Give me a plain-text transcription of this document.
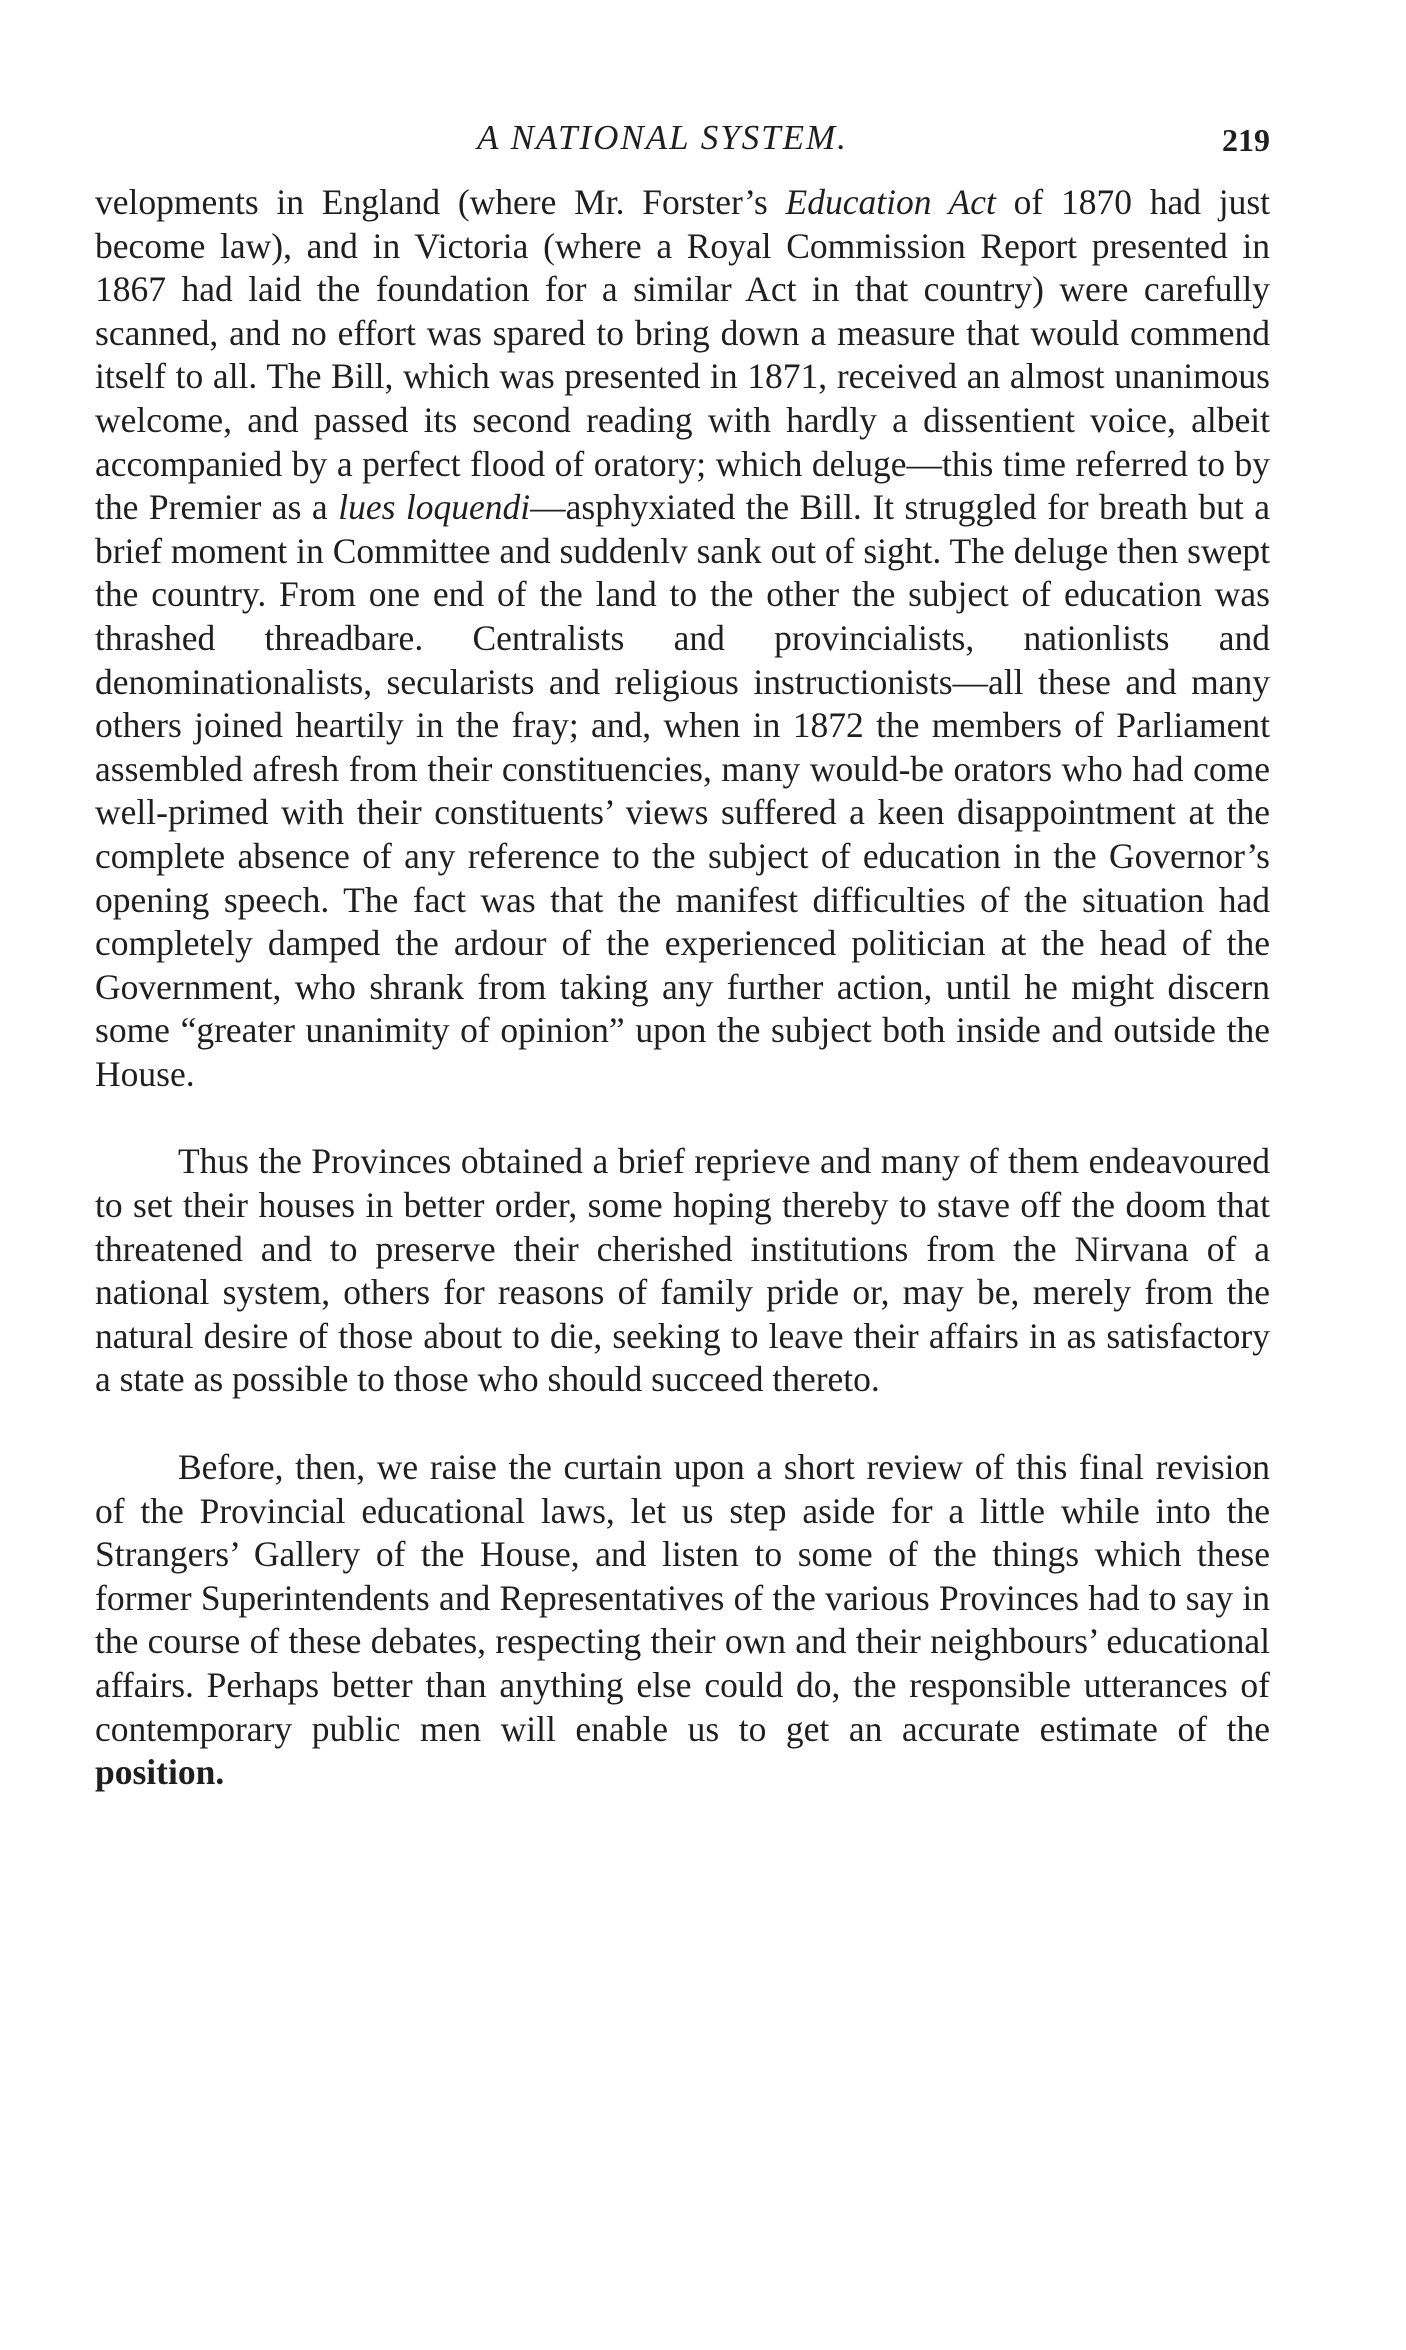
A NATIONAL SYSTEM.	219

velopments in England (where Mr. Forster’s Education Act of 1870 had just become law), and in Victoria (where a Royal Commission Report presented in 1867 had laid the foundation for a similar Act in that country) were carefully scanned, and no effort was spared to bring down a measure that would commend itself to all. The Bill, which was presented in 1871, received an almost unanimous welcome, and passed its second reading with hardly a dissentient voice, albeit accompanied by a perfect flood of oratory; which deluge—this time referred to by the Premier as a lues loquendi—asphyxiated the Bill. It struggled for breath but a brief moment in Committee and suddenlv sank out of sight. The deluge then swept the country. From one end of the land to the other the subject of education was thrashed threadbare. Centralists and provincialists, nationlists and denominationalists, secularists and religious instructionists—all these and many others joined heartily in the fray; and, when in 1872 the members of Parliament assembled afresh from their constituencies, many would-be orators who had come well-primed with their constituents’ views suffered a keen disappointment at the complete absence of any reference to the subject of education in the Governor’s opening speech. The fact was that the manifest difficulties of the situation had completely damped the ardour of the experienced politician at the head of the Government, who shrank from taking any further action, until he might discern some “greater unanimity of opinion” upon the subject both inside and outside the House.

Thus the Provinces obtained a brief reprieve and many of them endeavoured to set their houses in better order, some hoping thereby to stave off the doom that threatened and to preserve their cherished institutions from the Nirvana of a national system, others for reasons of family pride or, may be, merely from the natural desire of those about to die, seeking to leave their affairs in as satisfactory a state as possible to those who should succeed thereto.

Before, then, we raise the curtain upon a short review of this final revision of the Provincial educational laws, let us step aside for a little while into the Strangers’ Gallery of the House, and listen to some of the things which these former Superintendents and Representatives of the various Provinces had to say in the course of these debates, respecting their own and their neighbours’ educational affairs. Perhaps better than anything else could do, the responsible utterances of contemporary public men will enable us to get an accurate estimate of the position.
